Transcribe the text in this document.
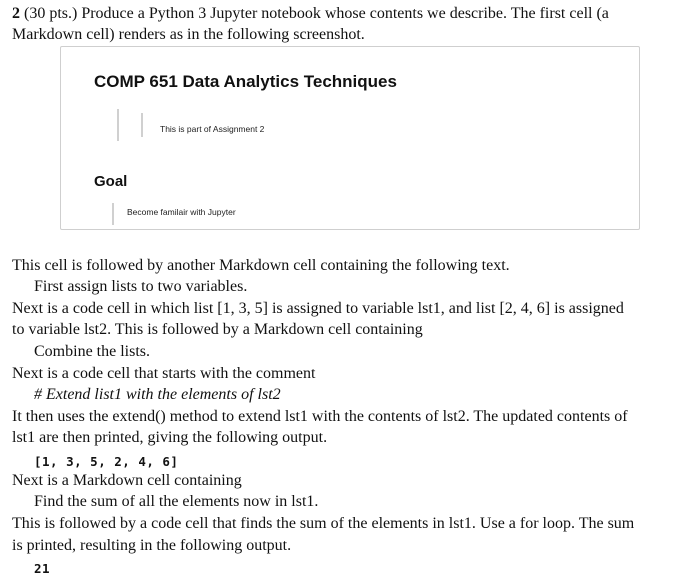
2 (30 pts.) Produce a Python 3 Jupyter notebook whose contents we describe. The first cell (a
Markdown cell) renders as in the following screenshot.
COMP 651 Data Analytics Techniques
This is part of Assignment 2
Goal
Become familair with Jupyter
This cell is followed by another Markdown cell containing the following text.
First assign lists to two variables.
Next is a code cell in which list [1, 3, 5] is assigned to variable lst1, and list [2, 4, 6] is assigned
to variable lst2. This is followed by a Markdown cell containing
Combine the lists.
Next is a code cell that starts with the comment
# Extend list1 with the elements of lst2
It then uses the extend() method to extend lst1 with the contents of lst2. The updated contents of
lst1 are then printed, giving the following output.
[1, 3, 5, 2, 4, 6]
Next is a Markdown cell containing
Find the sum of all the elements now in lst1.
This is followed by a code cell that finds the sum of the elements in lst1. Use a for loop. The sum
is printed, resulting in the following output.
21
